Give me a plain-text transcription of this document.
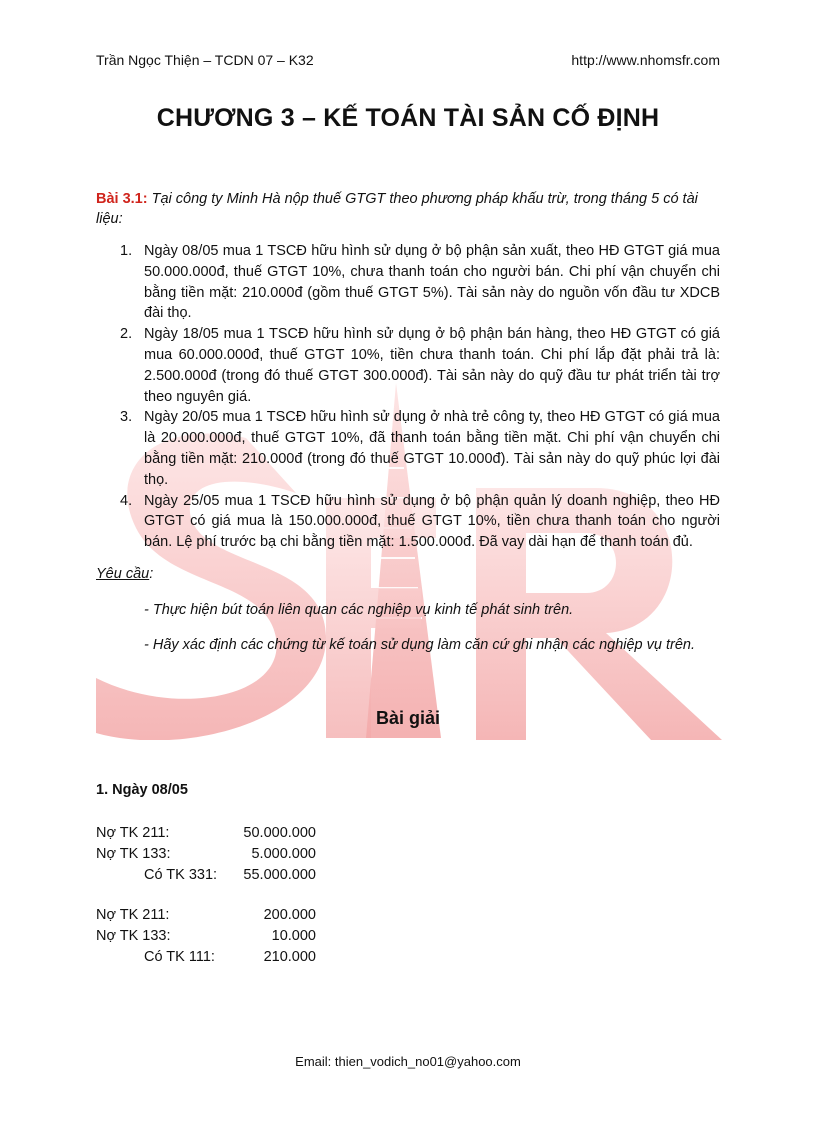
Trần Ngọc Thiện – TCDN 07 – K32	http://www.nhomsfr.com
CHƯƠNG 3 – KẾ TOÁN TÀI SẢN CỐ ĐỊNH
Bài 3.1: Tại công ty Minh Hà nộp thuế GTGT theo phương pháp khấu trừ, trong tháng 5 có tài liệu:
1. Ngày 08/05 mua 1 TSCĐ hữu hình sử dụng ở bộ phận sản xuất, theo HĐ GTGT giá mua 50.000.000đ, thuế GTGT 10%, chưa thanh toán cho người bán. Chi phí vận chuyển chi bằng tiền mặt: 210.000đ (gồm thuế GTGT 5%). Tài sản này do nguồn vốn đầu tư XDCB đài thọ.
2. Ngày 18/05 mua 1 TSCĐ hữu hình sử dụng ở bộ phận bán hàng, theo HĐ GTGT có giá mua 60.000.000đ, thuế GTGT 10%, tiền chưa thanh toán. Chi phí lắp đặt phải trả là: 2.500.000đ (trong đó thuế GTGT 300.000đ). Tài sản này do quỹ đầu tư phát triển tài trợ theo nguyên giá.
3. Ngày 20/05 mua 1 TSCĐ hữu hình sử dụng ở nhà trẻ công ty, theo HĐ GTGT có giá mua là 20.000.000đ, thuế GTGT 10%, đã thanh toán bằng tiền mặt. Chi phí vận chuyển chi bằng tiền mặt: 210.000đ (trong đó thuế GTGT 10.000đ). Tài sản này do quỹ phúc lợi đài thọ.
4. Ngày 25/05 mua 1 TSCĐ hữu hình sử dụng ở bộ phận quản lý doanh nghiệp, theo HĐ GTGT có giá mua là 150.000.000đ, thuế GTGT 10%, tiền chưa thanh toán cho người bán. Lệ phí trước bạ chi bằng tiền mặt: 1.500.000đ. Đã vay dài hạn để thanh toán đủ.
Yêu cầu:
- Thực hiện bút toán liên quan các nghiệp vụ kinh tế phát sinh trên.
- Hãy xác định các chứng từ kế toán sử dụng làm căn cứ ghi nhận các nghiệp vụ trên.
Bài giải
1. Ngày 08/05
Nợ TK 211:	50.000.000
Nợ TK 133:	5.000.000
Có TK 331: 55.000.000
Nợ TK 211:	200.000
Nợ TK 133:	10.000
Có TK 111:	210.000
Email: thien_vodich_no01@yahoo.com
